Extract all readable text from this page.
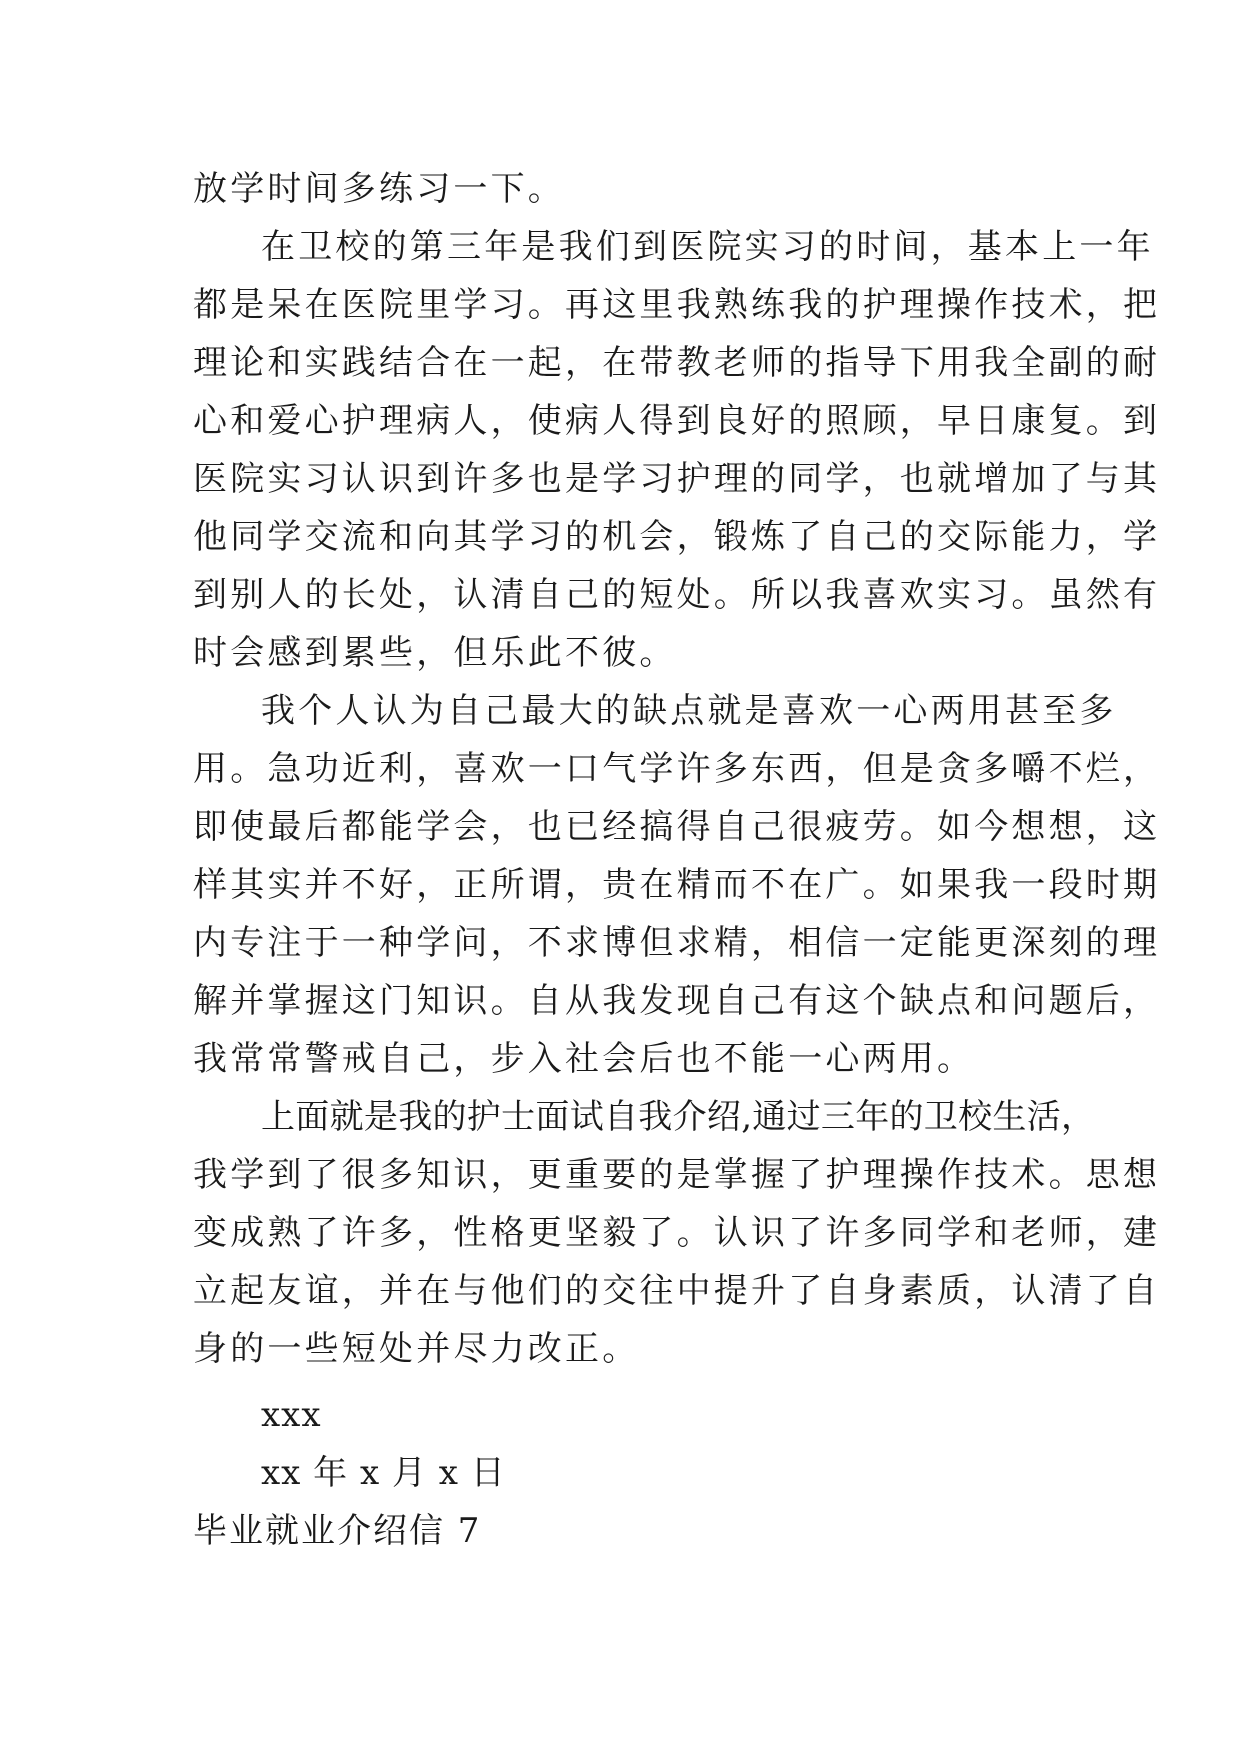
放学时间多练习一下。
在卫校的第三年是我们到医院实习的时间，基本上一年
都是呆在医院里学习。再这里我熟练我的护理操作技术，把
理论和实践结合在一起，在带教老师的指导下用我全副的耐
心和爱心护理病人，使病人得到良好的照顾，早日康复。到
医院实习认识到许多也是学习护理的同学，也就增加了与其
他同学交流和向其学习的机会，锻炼了自己的交际能力，学
到别人的长处，认清自己的短处。所以我喜欢实习。虽然有
时会感到累些，但乐此不彼。
我个人认为自己最大的缺点就是喜欢一心两用甚至多
用。急功近利，喜欢一口气学许多东西，但是贪多嚼不烂，
即使最后都能学会，也已经搞得自己很疲劳。如今想想，这
样其实并不好，正所谓，贵在精而不在广。如果我一段时期
内专注于一种学问，不求博但求精，相信一定能更深刻的理
解并掌握这门知识。自从我发现自己有这个缺点和问题后，
我常常警戒自己，步入社会后也不能一心两用。
上面就是我的护士面试自我介绍,通过三年的卫校生活，
我学到了很多知识，更重要的是掌握了护理操作技术。思想
变成熟了许多，性格更坚毅了。认识了许多同学和老师，建
立起友谊，并在与他们的交往中提升了自身素质，认清了自
身的一些短处并尽力改正。
xxx
xx 年 x 月 x 日
毕业就业介绍信 7
